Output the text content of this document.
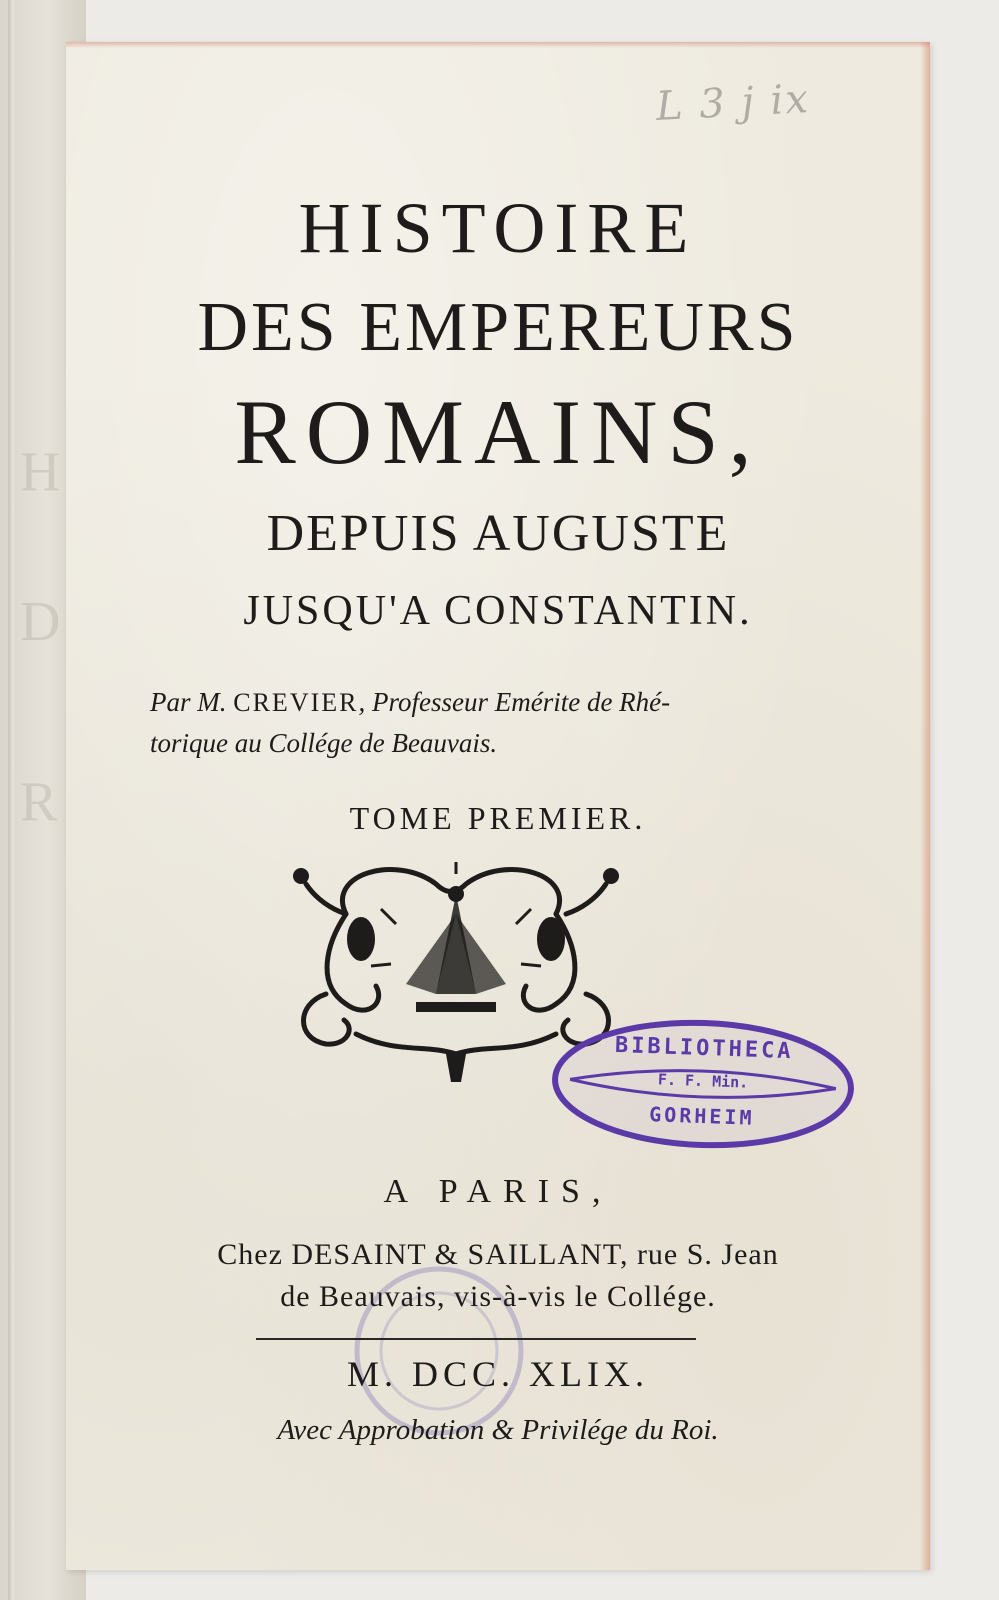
H
D
R
L 3 j ix
HISTOIRE
DES EMPEREURS
ROMAINS,
DEPUIS AUGUSTE
JUSQU'A CONSTANTIN.
Par M. CREVIER, Professeur Emérite de Rhé-
torique au Collége de Beauvais.
TOME PREMIER.
BIBLIOTHECA
F. F. Min.
GORHEIM
A PARIS,
Chez DESAINT & SAILLANT, rue S. Jean
de Beauvais, vis-à-vis le Collége.
M. DCC. XLIX.
Avec Approbation & Privilége du Roi.
